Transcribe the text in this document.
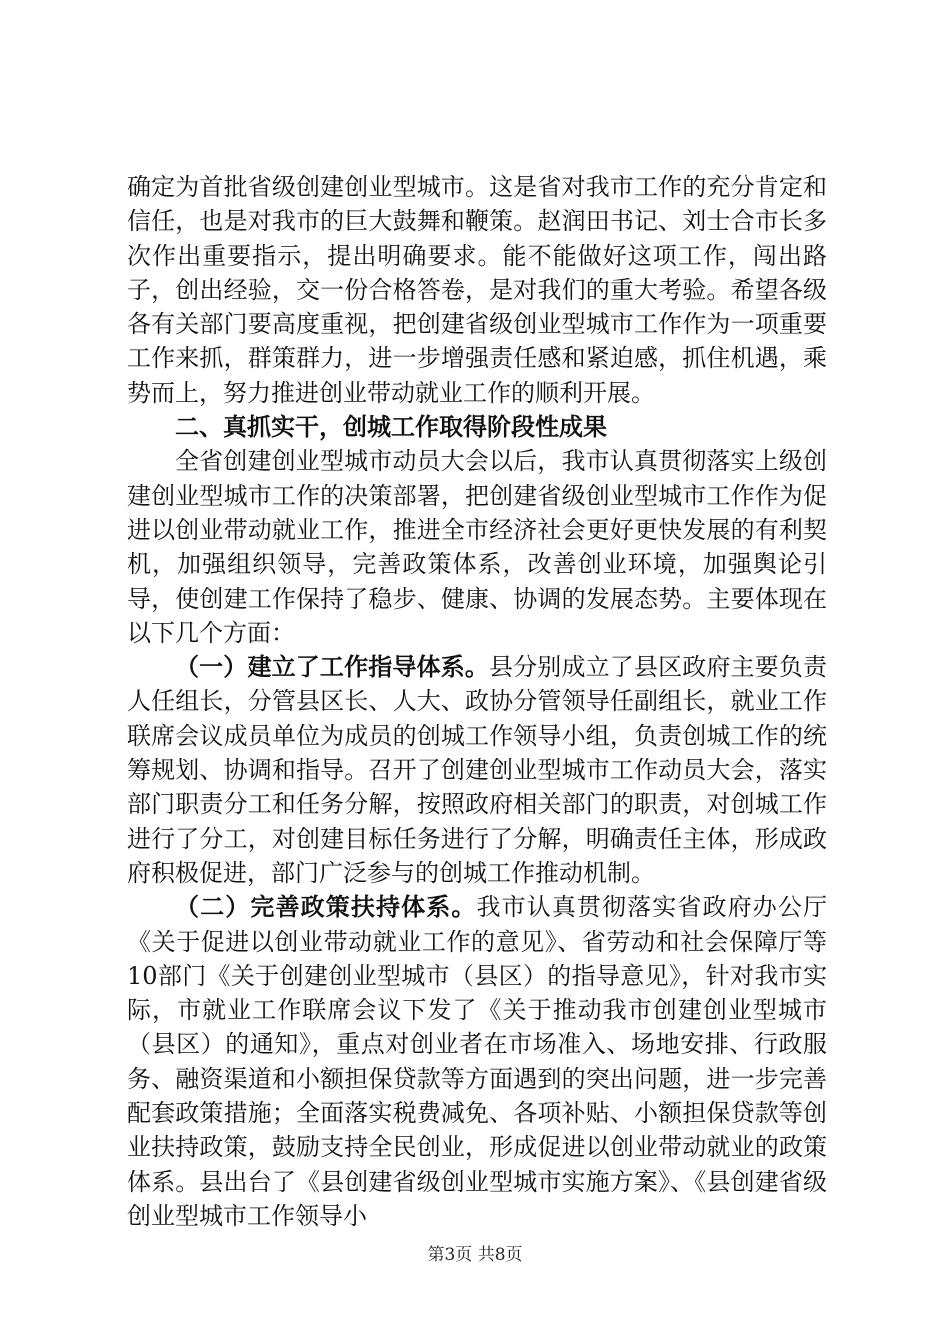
确定为首批省级创建创业型城市。这是省对我市工作的充分肯定和信任，也是对我市的巨大鼓舞和鞭策。赵润田书记、刘士合市长多次作出重要指示，提出明确要求。能不能做好这项工作，闯出路子，创出经验，交一份合格答卷，是对我们的重大考验。希望各级各有关部门要高度重视，把创建省级创业型城市工作作为一项重要工作来抓，群策群力，进一步增强责任感和紧迫感，抓住机遇，乘势而上，努力推进创业带动就业工作的顺利开展。

二、真抓实干，创城工作取得阶段性成果

全省创建创业型城市动员大会以后，我市认真贯彻落实上级创建创业型城市工作的决策部署，把创建省级创业型城市工作作为促进以创业带动就业工作，推进全市经济社会更好更快发展的有利契机，加强组织领导，完善政策体系，改善创业环境，加强舆论引导，使创建工作保持了稳步、健康、协调的发展态势。主要体现在以下几个方面：

（一）建立了工作指导体系。县分别成立了县区政府主要负责人任组长，分管县区长、人大、政协分管领导任副组长，就业工作联席会议成员单位为成员的创城工作领导小组，负责创城工作的统筹规划、协调和指导。召开了创建创业型城市工作动员大会，落实部门职责分工和任务分解，按照政府相关部门的职责，对创城工作进行了分工，对创建目标任务进行了分解，明确责任主体，形成政府积极促进，部门广泛参与的创城工作推动机制。

（二）完善政策扶持体系。我市认真贯彻落实省政府办公厅《关于促进以创业带动就业工作的意见》、省劳动和社会保障厅等10部门《关于创建创业型城市（县区）的指导意见》，针对我市实际，市就业工作联席会议下发了《关于推动我市创建创业型城市（县区）的通知》，重点对创业者在市场准入、场地安排、行政服务、融资渠道和小额担保贷款等方面遇到的突出问题，进一步完善配套政策措施；全面落实税费减免、各项补贴、小额担保贷款等创业扶持政策，鼓励支持全民创业，形成促进以创业带动就业的政策体系。县出台了《县创建省级创业型城市实施方案》、《县创建省级创业型城市工作领导小

第3页 共8页
